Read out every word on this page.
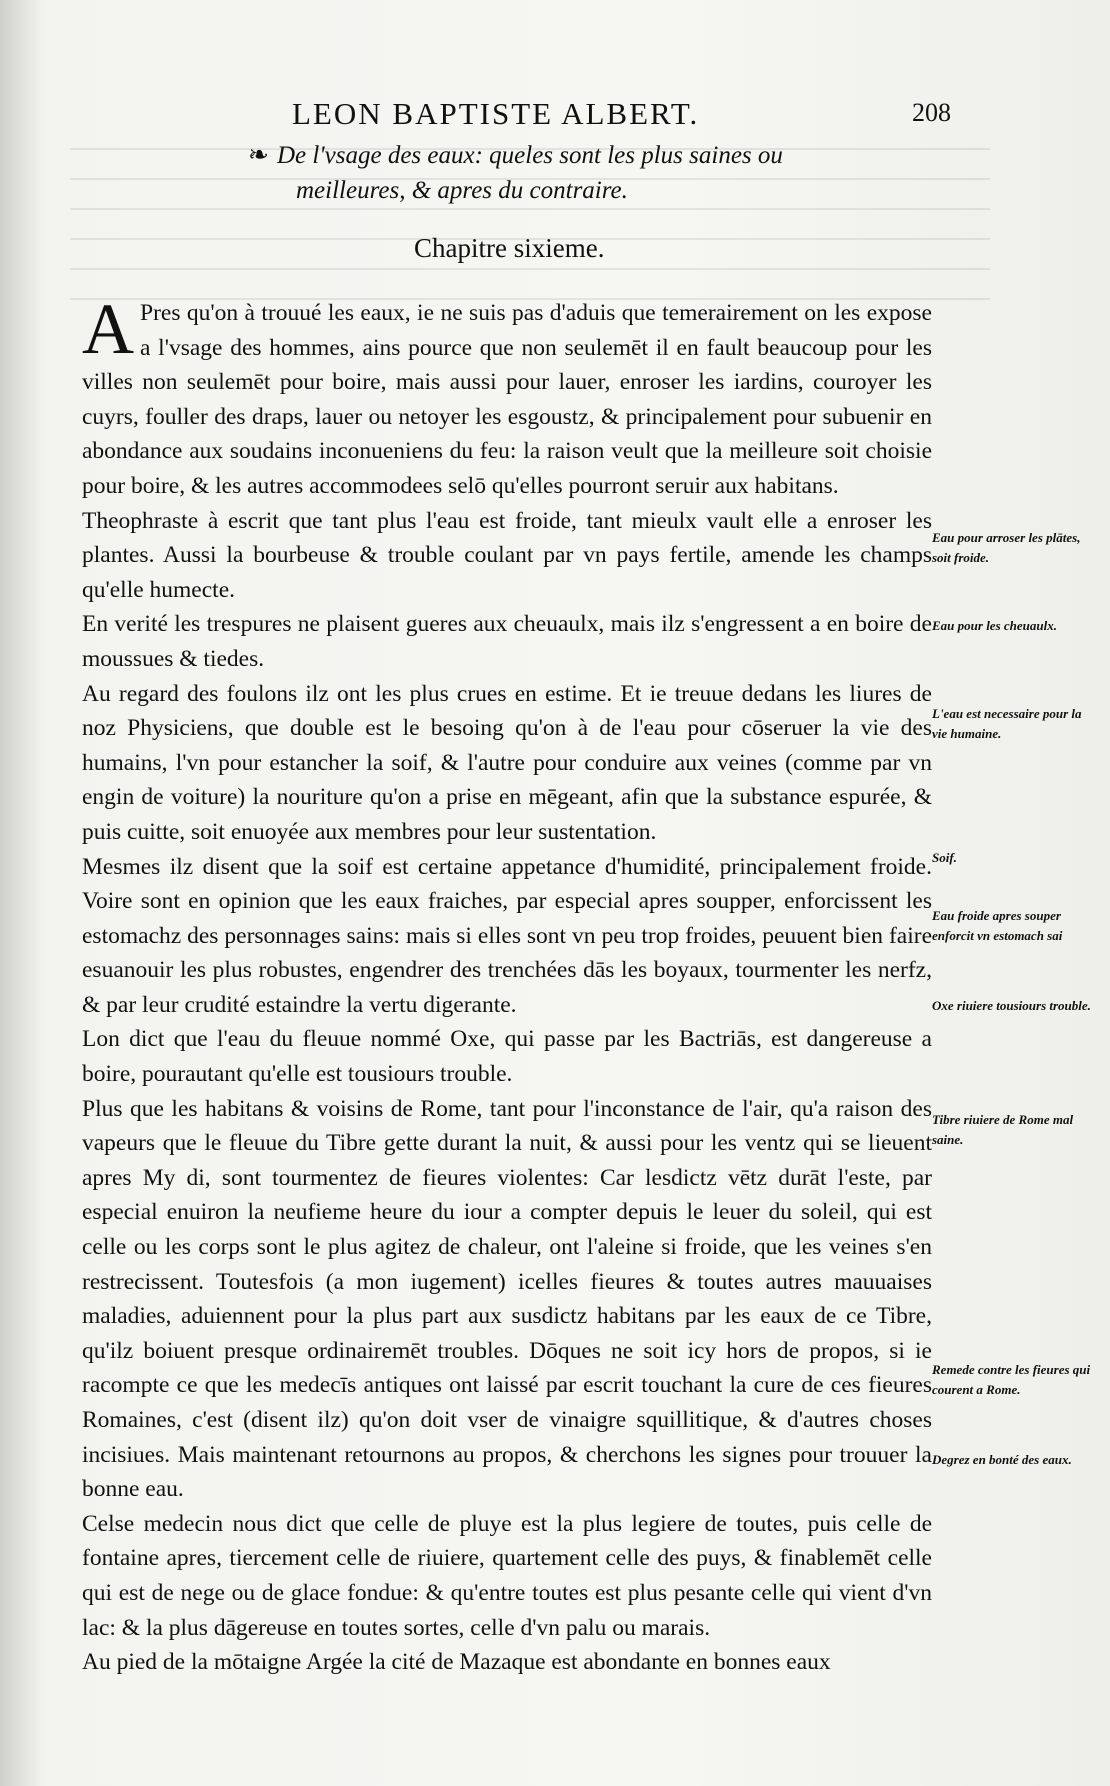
LEON BAPTISTE ALBERT.	208
❧ De l'vsage des eaux: queles sont les plus saines ou
meilleures, & apres du contraire.
Chapitre sixieme.

A Pres qu'on à trouué les eaux, ie ne suis pas d'aduis que temerairement on les expose a l'vsage des hommes, ains pource que non seulemēt il en fault beaucoup pour les villes non seulemēt pour boire, mais aussi pour lauer, enroser les iardins, couroyer les cuyrs, fouller des draps, lauer ou netoyer les esgoustz, & principalement pour subuenir en abondance aux soudains inconueniens du feu: la raison veult que la meilleure soit choisie pour boire, & les autres accommodees selō qu'elles pourront seruir aux habitans.

Theophraste à escrit que tant plus l'eau est froide, tant mieulx vault elle a enroser les plantes. Aussi la bourbeuse & trouble coulant par vn pays fertile, amende les champs qu'elle humecte.

En verité les trespures ne plaisent gueres aux cheuaulx, mais ilz s'engressent a en boire de moussues & tiedes.

Au regard des foulons ilz ont les plus crues en estime. Et ie treuue dedans les liures de noz Physiciens, que double est le besoing qu'on à de l'eau pour cōseruer la vie des humains, l'vn pour estancher la soif, & l'autre pour conduire aux veines (comme par vn engin de voiture) la nouriture qu'on a prise en mēgeant, afin que la substance espurée, & puis cuitte, soit enuoyée aux membres pour leur sustentation.

Mesmes ilz disent que la soif est certaine appetance d'humidité, principalement froide. Voire sont en opinion que les eaux fraiches, par especial apres soupper, enforcissent les estomachz des personnages sains: mais si elles sont vn peu trop froides, peuuent bien faire esuanouir les plus robustes, engendrer des trenchées dās les boyaux, tourmenter les nerfz, & par leur crudité estaindre la vertu digerante.

Lon dict que l'eau du fleuue nommé Oxe, qui passe par les Bactriās, est dangereuse a boire, pourautant qu'elle est tousiours trouble.

Plus que les habitans & voisins de Rome, tant pour l'inconstance de l'air, qu'a raison des vapeurs que le fleuue du Tibre gette durant la nuit, & aussi pour les ventz qui se lieuent apres My di, sont tourmentez de fieures violentes: Car lesdictz vētz durāt l'este, par especial enuiron la neufieme heure du iour a compter depuis le leuer du soleil, qui est celle ou les corps sont le plus agitez de chaleur, ont l'aleine si froide, que les veines s'en restrecissent. Toutesfois (a mon iugement) icelles fieures & toutes autres mauuaises maladies, aduiennent pour la plus part aux susdictz habitans par les eaux de ce Tibre, qu'ilz boiuent presque ordinairemēt troubles. Dōques ne soit icy hors de propos, si ie racompte ce que les medecīs antiques ont laissé par escrit touchant la cure de ces fieures Romaines, c'est (disent ilz) qu'on doit vser de vinaigre squillitique, & d'autres choses incisiues. Mais maintenant retournons au propos, & cherchons les signes pour trouuer la bonne eau.

Celse medecin nous dict que celle de pluye est la plus legiere de toutes, puis celle de fontaine apres, tiercement celle de riuiere, quartement celle des puys, & finablemēt celle qui est de nege ou de glace fondue: & qu'entre toutes est plus pesante celle qui vient d'vn lac: & la plus dāgereuse en toutes sortes, celle d'vn palu ou marais.

Au pied de la mōtaigne Argée la cité de Mazaque est abondante en bonnes eaux

Eau pour arroser les plātes, soit froide.
Eau pour les cheuaulx.
L'eau est necessaire pour la vie humaine.
Soif.
Eau froide apres souper enforcit vn estomach sai
Oxe riuiere tousiours trouble.
Tibre riuiere de Rome mal saine.
Remede contre les fieures qui courent a Rome.
Degrez en bonté des eaux.
